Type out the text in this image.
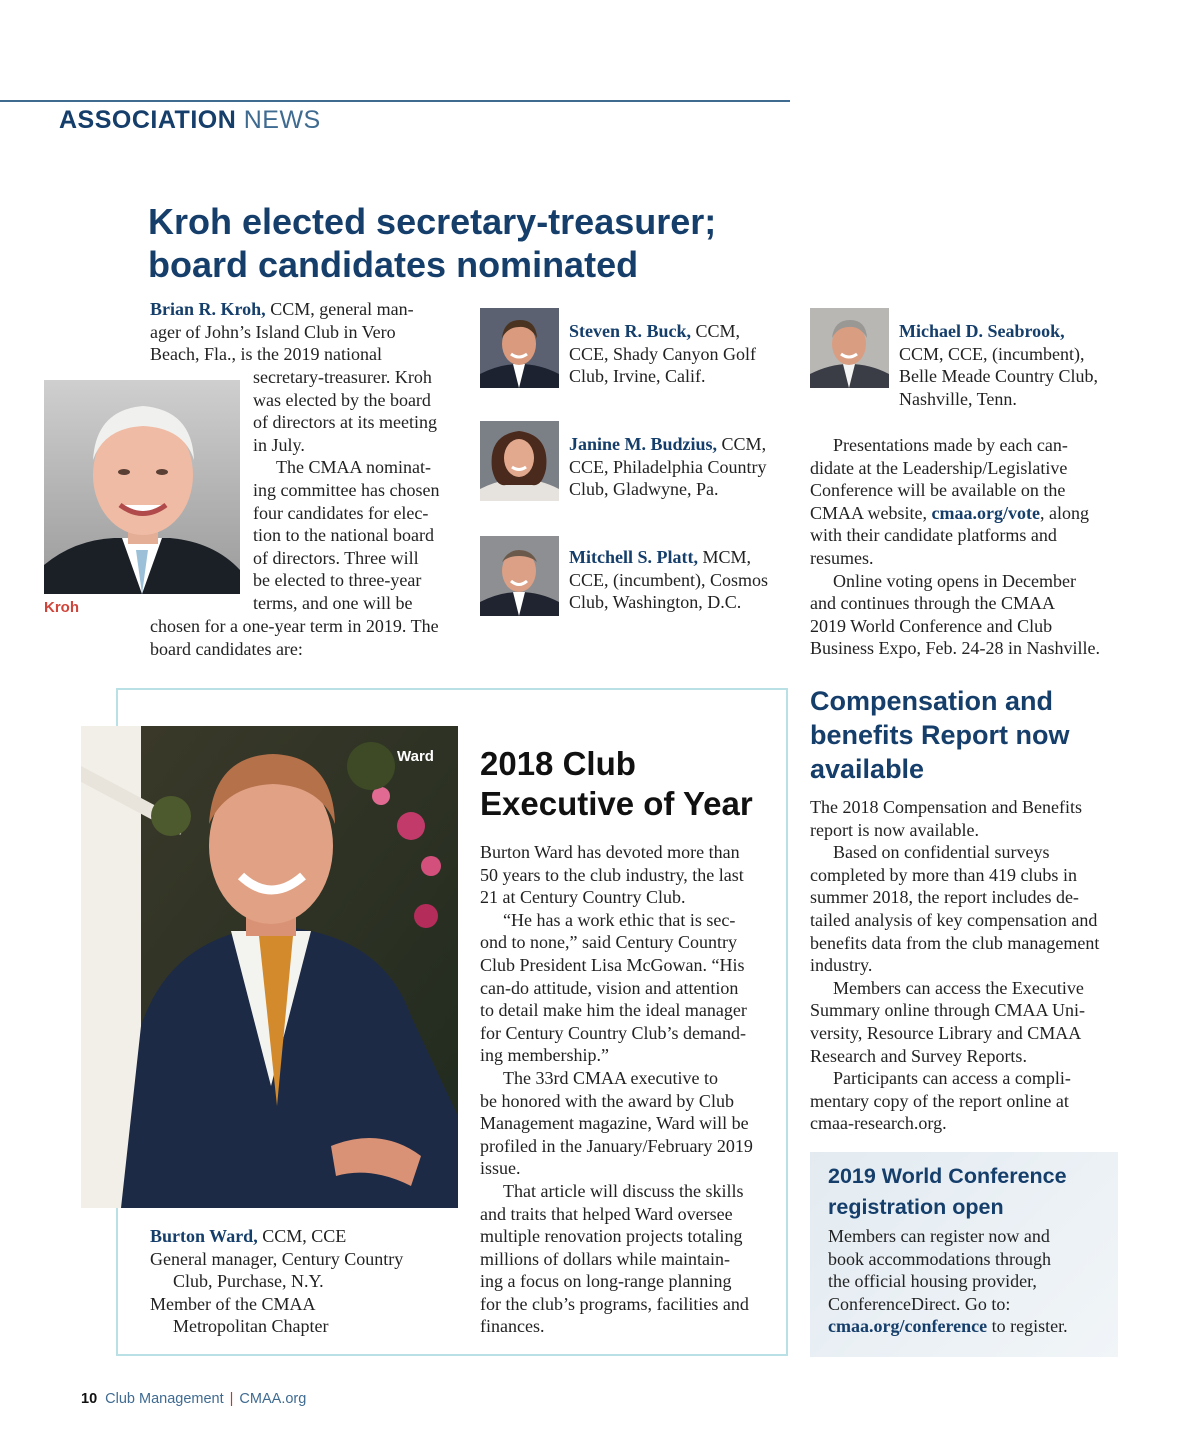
ASSOCIATION NEWS
Kroh elected secretary-treasurer;
board candidates nominated
Kroh

Brian R. Kroh, CCM, general man-

ager of John’s Island Club in Vero

Beach, Fla., is the 2019 national

secretary-treasurer. Kroh

was elected by the board

of directors at its meeting

in July.

The CMAA nominat-

ing committee has chosen

four candidates for elec-

tion to the national board

of directors. Three will

be elected to three-year

terms, and one will be

chosen for a one-year term in 2019. The

board candidates are:

Steven R. Buck, CCM,

CCE, Shady Canyon Golf

Club, Irvine, Calif.

Janine M. Budzius, CCM,

CCE, Philadelphia Country

Club, Gladwyne, Pa.

Mitchell S. Platt, MCM,

CCE, (incumbent), Cosmos

Club, Washington, D.C.

Michael D. Seabrook,

CCM, CCE, (incumbent),

Belle Meade Country Club,

Nashville, Tenn.

Presentations made by each can-

didate at the Leadership/Legislative

Conference will be available on the

CMAA website, cmaa.org/vote, along

with their candidate platforms and

resumes.

Online voting opens in December

and continues through the CMAA

2019 World Conference and Club

Business Expo, Feb. 24-28 in Nashville.

Ward 2018 Club
Executive of Year

Burton Ward has devoted more than

50 years to the club industry, the last

21 at Century Country Club.

“He has a work ethic that is sec-

ond to none,” said Century Country

Club President Lisa McGowan. “His

can-do attitude, vision and attention

to detail make him the ideal manager

for Century Country Club’s demand-

ing membership.”

The 33rd CMAA executive to

be honored with the award by Club

Management magazine, Ward will be

profiled in the January/February 2019

issue.

That article will discuss the skills

and traits that helped Ward oversee

multiple renovation projects totaling

millions of dollars while maintain-

ing a focus on long-range planning

for the club’s programs, facilities and

finances.

Burton Ward, CCM, CCE

General manager, Century Country

Club, Purchase, N.Y.

Member of the CMAA

Metropolitan Chapter

Compensation and
benefits Report now
available

The 2018 Compensation and Benefits

report is now available.

Based on confidential surveys

completed by more than 419 clubs in

summer 2018, the report includes de-

tailed analysis of key compensation and

benefits data from the club management

industry.

Members can access the Executive

Summary online through CMAA Uni-

versity, Resource Library and CMAA

Research and Survey Reports.

Participants can access a compli-

mentary copy of the report online at

cmaa-research.org.

2019 World Conference
registration open

Members can register now and

book accommodations through

the official housing provider,

ConferenceDirect. Go to:

cmaa.org/conference to register.

10 Club Management | CMAA.org
